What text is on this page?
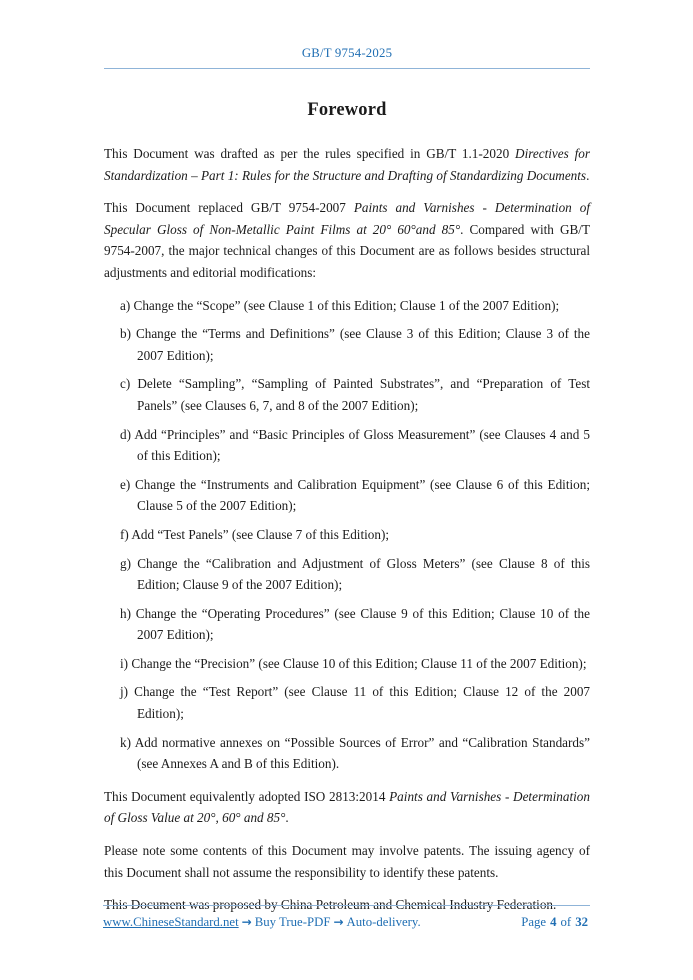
GB/T 9754-2025
Foreword

This Document was drafted as per the rules specified in GB/T 1.1-2020 Directives for Standardization – Part 1: Rules for the Structure and Drafting of Standardizing Documents.

This Document replaced GB/T 9754-2007 Paints and Varnishes - Determination of Specular Gloss of Non-Metallic Paint Films at 20° 60°and 85°. Compared with GB/T 9754-2007, the major technical changes of this Document are as follows besides structural adjustments and editorial modifications:

a) Change the “Scope” (see Clause 1 of this Edition; Clause 1 of the 2007 Edition);
b) Change the “Terms and Definitions” (see Clause 3 of this Edition; Clause 3 of the 2007 Edition);
c) Delete “Sampling”, “Sampling of Painted Substrates”, and “Preparation of Test Panels” (see Clauses 6, 7, and 8 of the 2007 Edition);
d) Add “Principles” and “Basic Principles of Gloss Measurement” (see Clauses 4 and 5 of this Edition);
e) Change the “Instruments and Calibration Equipment” (see Clause 6 of this Edition; Clause 5 of the 2007 Edition);
f) Add “Test Panels” (see Clause 7 of this Edition);
g) Change the “Calibration and Adjustment of Gloss Meters” (see Clause 8 of this Edition; Clause 9 of the 2007 Edition);
h) Change the “Operating Procedures” (see Clause 9 of this Edition; Clause 10 of the 2007 Edition);
i) Change the “Precision” (see Clause 10 of this Edition; Clause 11 of the 2007 Edition);
j) Change the “Test Report” (see Clause 11 of this Edition; Clause 12 of the 2007 Edition);
k) Add normative annexes on “Possible Sources of Error” and “Calibration Standards” (see Annexes A and B of this Edition).

This Document equivalently adopted ISO 2813:2014 Paints and Varnishes - Determination of Gloss Value at 20°, 60° and 85°.

Please note some contents of this Document may involve patents. The issuing agency of this Document shall not assume the responsibility to identify these patents.

This Document was proposed by China Petroleum and Chemical Industry Federation.

www.ChineseStandard.net → Buy True-PDF → Auto-delivery.	Page 4 of 32
